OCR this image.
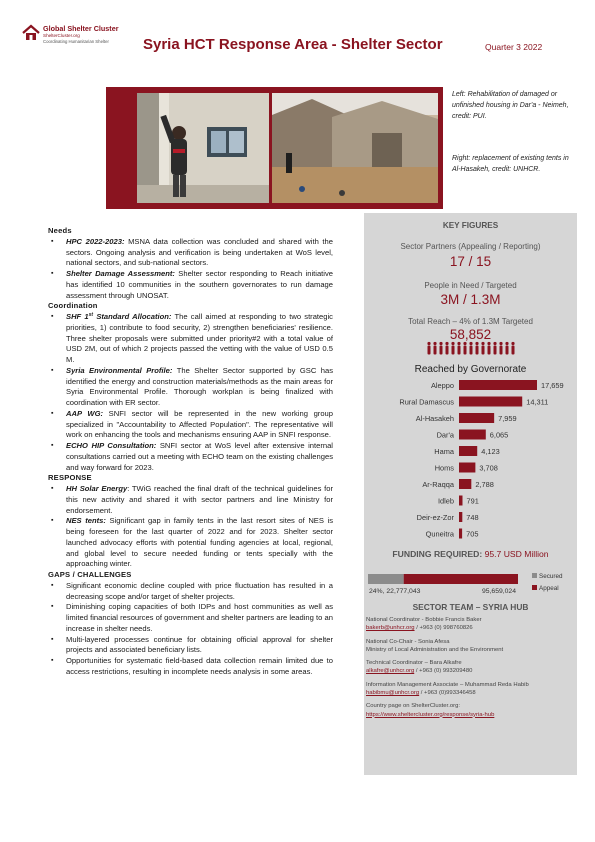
Global Shelter Cluster
ShelterCluster.org
Coordinating Humanitarian Shelter Syria HCT Response Area - Shelter Sector	Quarter 3 2022
Left: Rehabilitation of damaged or unfinished housing in Dar'a - Neimeh, credit: PUI.
Right: replacement of existing tents in Al-Hasakeh, credit: UNHCR.
Needs
▪ HPC 2022-2023: MSNA data collection was concluded and shared with the sectors. Ongoing analysis and verification is being undertaken at WoS level, national sectors, and sub-national sectors.
▪ Shelter Damage Assessment: Shelter sector responding to Reach initiative has identified 10 communities in the southern governorates to run damage assessment through UNOSAT.
Coordination
▪ SHF 1st Standard Allocation: The call aimed at responding to two strategic priorities, 1) contribute to food security, 2) strengthen beneficiaries' resilience. Three shelter proposals were submitted under priority#2 with a total value of USD 2M, out of which 2 projects passed the vetting with the value of USD 0.5 M.
▪ Syria Environmental Profile: The Shelter Sector supported by GSC has identified the energy and construction materials/methods as the main areas for Syria Environmental Profile. Thorough workplan is being finalized with coordination with ER sector.
▪ AAP WG: SNFI sector will be represented in the new working group specialized in "Accountability to Affected Population". The representative will work on enhancing the tools and mechanisms ensuring AAP in SNFI response.
▪ ECHO HIP Consultation: SNFI sector at WoS level after extensive internal consultations carried out a meeting with ECHO team on the existing challenges and way forward for 2023.
RESPONSE
▪ HH Solar Energy: TWiG reached the final draft of the technical guidelines for this new activity and shared it with sector partners and line Ministry for endorsement.
▪ NES tents: Significant gap in family tents in the last resort sites of NES is being foreseen for the last quarter of 2022 and for 2023. Shelter sector launched advocacy efforts with potential funding agencies at local, regional, and global level to secure needed funding or tents specially with the approaching winter.
GAPS / CHALLENGES
▪ Significant economic decline coupled with price fluctuation has resulted in a decreasing scope and/or target of shelter projects.
▪ Diminishing coping capacities of both IDPs and host communities as well as limited financial resources of government and shelter partners are leading to an increase in shelter needs.
▪ Multi-layered processes continue for obtaining official approval for shelter projects and associated beneficiary lists.
▪ Opportunities for systematic field-based data collection remain limited due to access restrictions, resulting in incomplete needs analysis in some areas.
KEY FIGURES
Sector Partners (Appealing / Reporting)
17 / 15
People in Need / Targeted
3M / 1.3M
Total Reach – 4% of 1.3M Targeted
58,852
Reached by Governorate
Aleppo	17,659
Rural Damascus	14,311
Al-Hasakeh	7,959
Dar'a	6,065
Hama	4,123
Homs	3,708
Ar-Raqqa	2,788
Idleb 791
Deir-ez-Zor 748
Quneitra 705
FUNDING REQUIRED: 95.7 USD Million
24%, 22,777,043	95,659,024
Secured
Appeal
SECTOR TEAM – SYRIA HUB

National Coordinator - Bobbie Francis Baker
bakerb@unhcr.org / +963 (0) 998760826

National Co-Chair - Sonia Afesa
Ministry of Local Administration and the Environment

Technical Coordinator – Bara Alkafre
alkafre@unhcr.org / +963 (0) 993209480

Information Management Associate – Muhammad Reda Habib
habibmu@unhcr.org / +963 (0)993346458

Country page on ShelterCluster.org:
https://www.sheltercluster.org/response/syria-hub
